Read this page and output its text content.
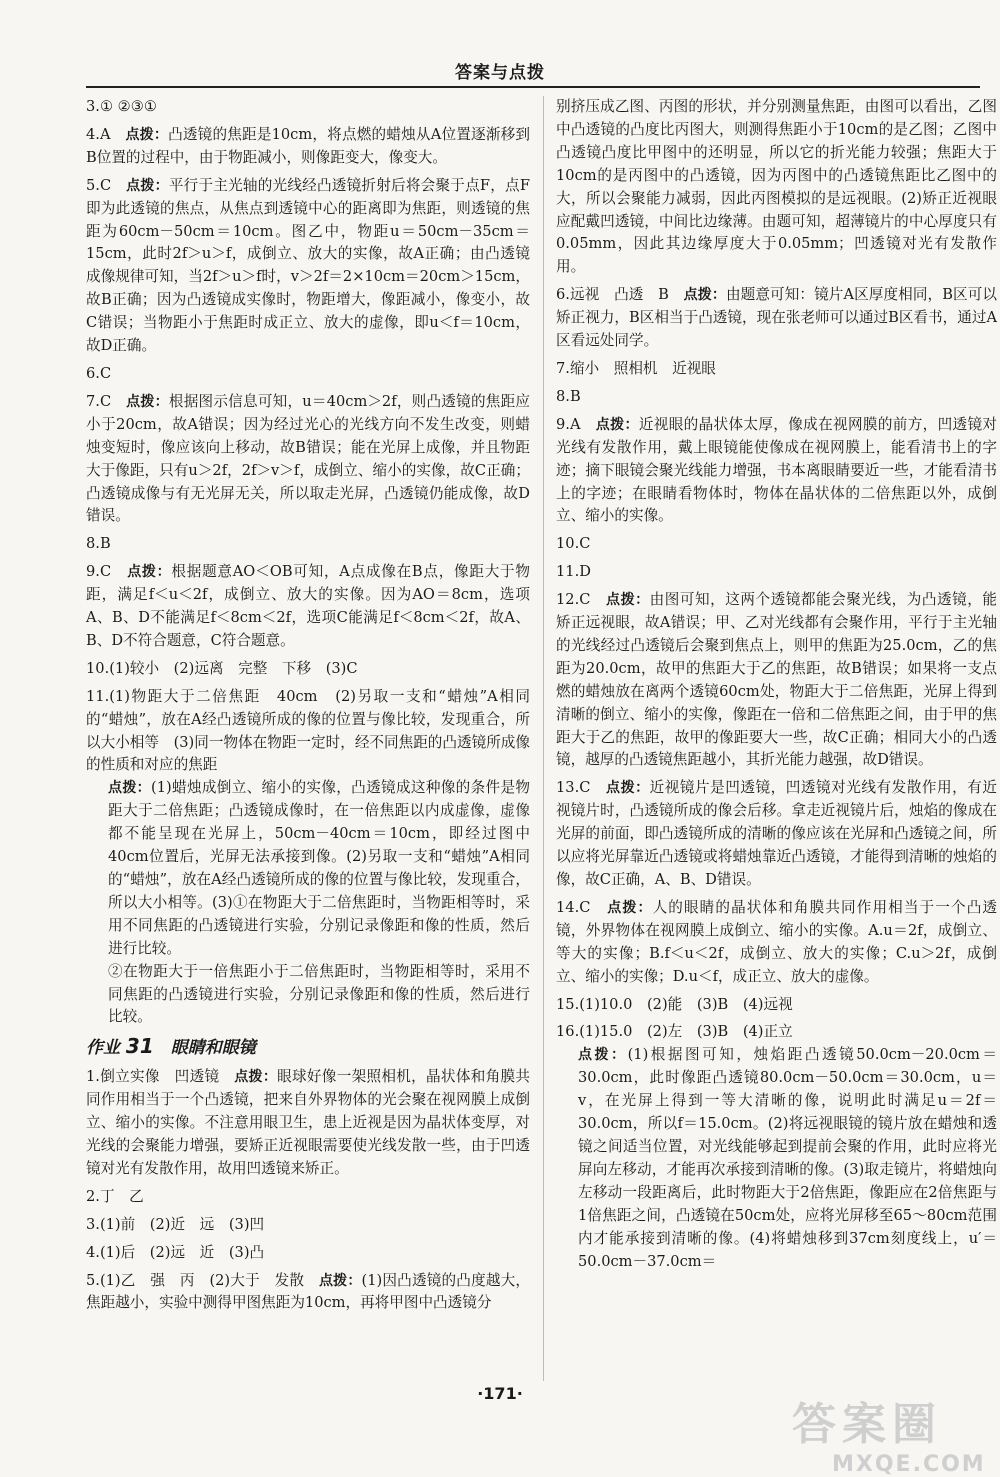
答案与点拨
3.① ②③①
4.A　 点拨：凸透镜的焦距是10cm，将点燃的蜡烛从A位置逐渐移到B位置的过程中，由于物距减小，则像距变大，像变大。
5.C　 点拨：平行于主光轴的光线经凸透镜折射后将会聚于点F，点F即为此透镜的焦点，从焦点到透镜中心的距离即为焦距，则透镜的焦距为60cm－50cm＝10cm。图乙中，物距u＝50cm－35cm＝15cm，此时2f＞u＞f，成倒立、放大的实像，故A正确；由凸透镜成像规律可知，当2f＞u＞f时，v＞2f＝2×10cm＝20cm＞15cm，故B正确；因为凸透镜成实像时，物距增大，像距减小，像变小，故C错误；当物距小于焦距时成正立、放大的虚像，即u＜f＝10cm，故D正确。
6.C
7.C　 点拨：根据图示信息可知，u＝40cm＞2f，则凸透镜的焦距应小于20cm，故A错误；因为经过光心的光线方向不发生改变，则蜡烛变短时，像应该向上移动，故B错误；能在光屏上成像，并且物距大于像距，只有u＞2f，2f＞v＞f，成倒立、缩小的实像，故C正确；凸透镜成像与有无光屏无关，所以取走光屏，凸透镜仍能成像，故D错误。
8.B
9.C　 点拨：根据题意AO＜OB可知，A点成像在B点，像距大于物距，满足f＜u＜2f，成倒立、放大的实像。因为AO＝8cm，选项A、B、D不能满足f＜8cm＜2f，选项C能满足f＜8cm＜2f，故A、B、D不符合题意，C符合题意。
10.(1)较小　(2)远离　完整　下移　(3)C
11.(1)物距大于二倍焦距　40cm　(2)另取一支和“蜡烛”A相同的“蜡烛”，放在A经凸透镜所成的像的位置与像比较，发现重合，所以大小相等　(3)同一物体在物距一定时，经不同焦距的凸透镜所成像的性质和对应的焦距
点拨：(1)蜡烛成倒立、缩小的实像，凸透镜成这种像的条件是物距大于二倍焦距；凸透镜成像时，在一倍焦距以内成虚像，虚像都不能呈现在光屏上，50cm－40cm＝10cm，即经过图中40cm位置后，光屏无法承接到像。(2)另取一支和“蜡烛”A相同的“蜡烛”，放在A经凸透镜所成的像的位置与像比较，发现重合，所以大小相等。(3)①在物距大于二倍焦距时，当物距相等时，采用不同焦距的凸透镜进行实验，分别记录像距和像的性质，然后进行比较。
②在物距大于一倍焦距小于二倍焦距时，当物距相等时，采用不同焦距的凸透镜进行实验，分别记录像距和像的性质，然后进行比较。
作业 31　 眼睛和眼镜
1.倒立实像　凹透镜　点拨：眼球好像一架照相机，晶状体和角膜共同作用相当于一个凸透镜，把来自外界物体的光会聚在视网膜上成倒立、缩小的实像。不注意用眼卫生，患上近视是因为晶状体变厚，对光线的会聚能力增强，要矫正近视眼需要使光线发散一些，由于凹透镜对光有发散作用，故用凹透镜来矫正。
2.丁　乙
3.(1)前　(2)近　远　(3)凹
4.(1)后　(2)远　近　(3)凸
5.(1)乙　强　丙　(2)大于　发散　点拨：(1)因凸透镜的凸度越大，焦距越小，实验中测得甲图焦距为10cm，再将甲图中凸透镜分
别挤压成乙图、丙图的形状，并分别测量焦距，由图可以看出，乙图中凸透镜的凸度比丙图大，则测得焦距小于10cm的是乙图；乙图中凸透镜凸度比甲图中的还明显，所以它的折光能力较强；焦距大于10cm的是丙图中的凸透镜，因为丙图中的凸透镜焦距比乙图中的大，所以会聚能力减弱，因此丙图模拟的是远视眼。(2)矫正近视眼应配戴凹透镜，中间比边缘薄。由题可知，超薄镜片的中心厚度只有0.05mm，因此其边缘厚度大于0.05mm；凹透镜对光有发散作用。
6.远视　凸透　B　点拨：由题意可知：镜片A区厚度相同，B区可以矫正视力，B区相当于凸透镜，现在张老师可以通过B区看书，通过A区看远处同学。
7.缩小　照相机　近视眼
8.B
9.A　点拨：近视眼的晶状体太厚，像成在视网膜的前方，凹透镜对光线有发散作用，戴上眼镜能使像成在视网膜上，能看清书上的字迹；摘下眼镜会聚光线能力增强，书本离眼睛要近一些，才能看清书上的字迹；在眼睛看物体时，物体在晶状体的二倍焦距以外，成倒立、缩小的实像。
10.C
11.D
12.C　点拨：由图可知，这两个透镜都能会聚光线，为凸透镜，能矫正远视眼，故A错误；甲、乙对光线都有会聚作用，平行于主光轴的光线经过凸透镜后会聚到焦点上，则甲的焦距为25.0cm，乙的焦距为20.0cm，故甲的焦距大于乙的焦距，故B错误；如果将一支点燃的蜡烛放在离两个透镜60cm处，物距大于二倍焦距，光屏上得到清晰的倒立、缩小的实像，像距在一倍和二倍焦距之间，由于甲的焦距大于乙的焦距，故甲的像距要大一些，故C正确；相同大小的凸透镜，越厚的凸透镜焦距越小，其折光能力越强，故D错误。
13.C　点拨：近视镜片是凹透镜，凹透镜对光线有发散作用，有近视镜片时，凸透镜所成的像会后移。拿走近视镜片后，烛焰的像成在光屏的前面，即凸透镜所成的清晰的像应该在光屏和凸透镜之间，所以应将光屏靠近凸透镜或将蜡烛靠近凸透镜，才能得到清晰的烛焰的像，故C正确，A、B、D错误。
14.C　点拨：人的眼睛的晶状体和角膜共同作用相当于一个凸透镜，外界物体在视网膜上成倒立、缩小的实像。A.u＝2f，成倒立、等大的实像；B.f＜u＜2f，成倒立、放大的实像；C.u＞2f，成倒立、缩小的实像；D.u＜f，成正立、放大的虚像。
15.(1)10.0　(2)能　(3)B　(4)远视
16.(1)15.0　(2)左　(3)B　(4)正立
点拨：(1)根据图可知，烛焰距凸透镜50.0cm－20.0cm＝30.0cm，此时像距凸透镜80.0cm－50.0cm＝30.0cm，u＝v，在光屏上得到一等大清晰的像，说明此时满足u＝2f＝30.0cm，所以f＝15.0cm。(2)将远视眼镜的镜片放在蜡烛和透镜之间适当位置，对光线能够起到提前会聚的作用，此时应将光屏向左移动，才能再次承接到清晰的像。(3)取走镜片，将蜡烛向左移动一段距离后，此时物距大于2倍焦距，像距应在2倍焦距与1倍焦距之间，凸透镜在50cm处，应将光屏移至65～80cm范围内才能承接到清晰的像。(4)将蜡烛移到37cm刻度线上，u′＝50.0cm－37.0cm＝
·171·
答案圈
MXQE.COM
